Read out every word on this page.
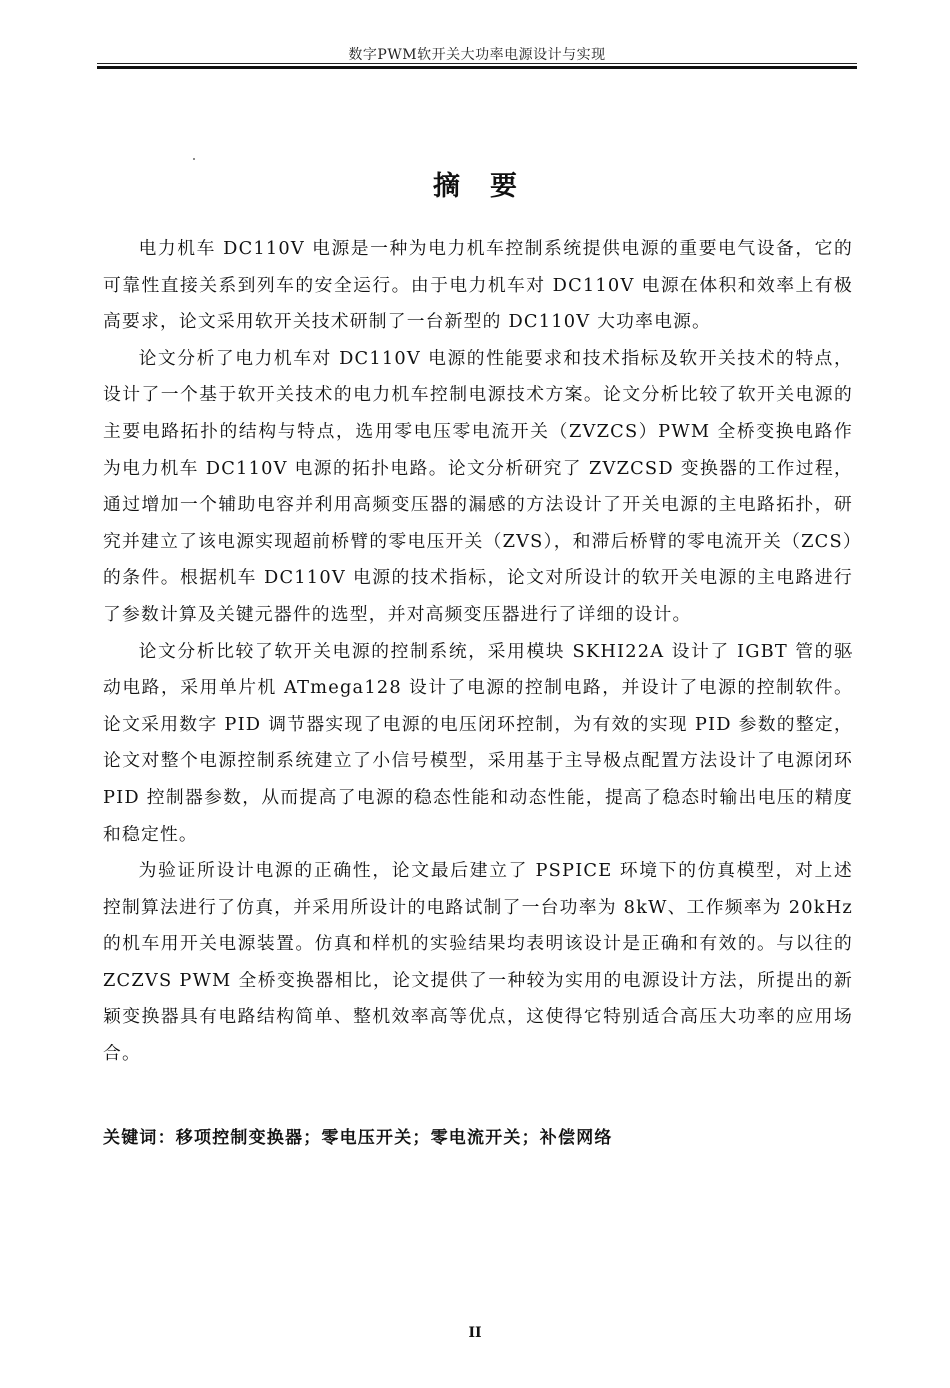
数字PWM软开关大功率电源设计与实现
摘要

电力机车 DC110V 电源是一种为电力机车控制系统提供电源的重要电气设备，它的可靠性直接关系到列车的安全运行。由于电力机车对 DC110V 电源在体积和效率上有极高要求，论文采用软开关技术研制了一台新型的 DC110V 大功率电源。

论文分析了电力机车对 DC110V 电源的性能要求和技术指标及软开关技术的特点，设计了一个基于软开关技术的电力机车控制电源技术方案。论文分析比较了软开关电源的主要电路拓扑的结构与特点，选用零电压零电流开关（ZVZCS）PWM 全桥变换电路作为电力机车 DC110V 电源的拓扑电路。论文分析研究了 ZVZCSD 变换器的工作过程，通过增加一个辅助电容并利用高频变压器的漏感的方法设计了开关电源的主电路拓扑，研究并建立了该电源实现超前桥臂的零电压开关（ZVS），和滞后桥臂的零电流开关（ZCS）的条件。根据机车 DC110V 电源的技术指标，论文对所设计的软开关电源的主电路进行了参数计算及关键元器件的选型，并对高频变压器进行了详细的设计。

论文分析比较了软开关电源的控制系统，采用模块 SKHI22A 设计了 IGBT 管的驱动电路，采用单片机 ATmega128 设计了电源的控制电路，并设计了电源的控制软件。论文采用数字 PID 调节器实现了电源的电压闭环控制，为有效的实现 PID 参数的整定，论文对整个电源控制系统建立了小信号模型，采用基于主导极点配置方法设计了电源闭环 PID 控制器参数，从而提高了电源的稳态性能和动态性能，提高了稳态时输出电压的精度和稳定性。

为验证所设计电源的正确性，论文最后建立了 PSPICE 环境下的仿真模型，对上述控制算法进行了仿真，并采用所设计的电路试制了一台功率为 8kW、工作频率为 20kHz 的机车用开关电源装置。仿真和样机的实验结果均表明该设计是正确和有效的。与以往的 ZCZVS PWM 全桥变换器相比，论文提供了一种较为实用的电源设计方法，所提出的新颖变换器具有电路结构简单、整机效率高等优点，这使得它特别适合高压大功率的应用场合。

关键词：移项控制变换器；零电压开关；零电流开关；补偿网络
II
